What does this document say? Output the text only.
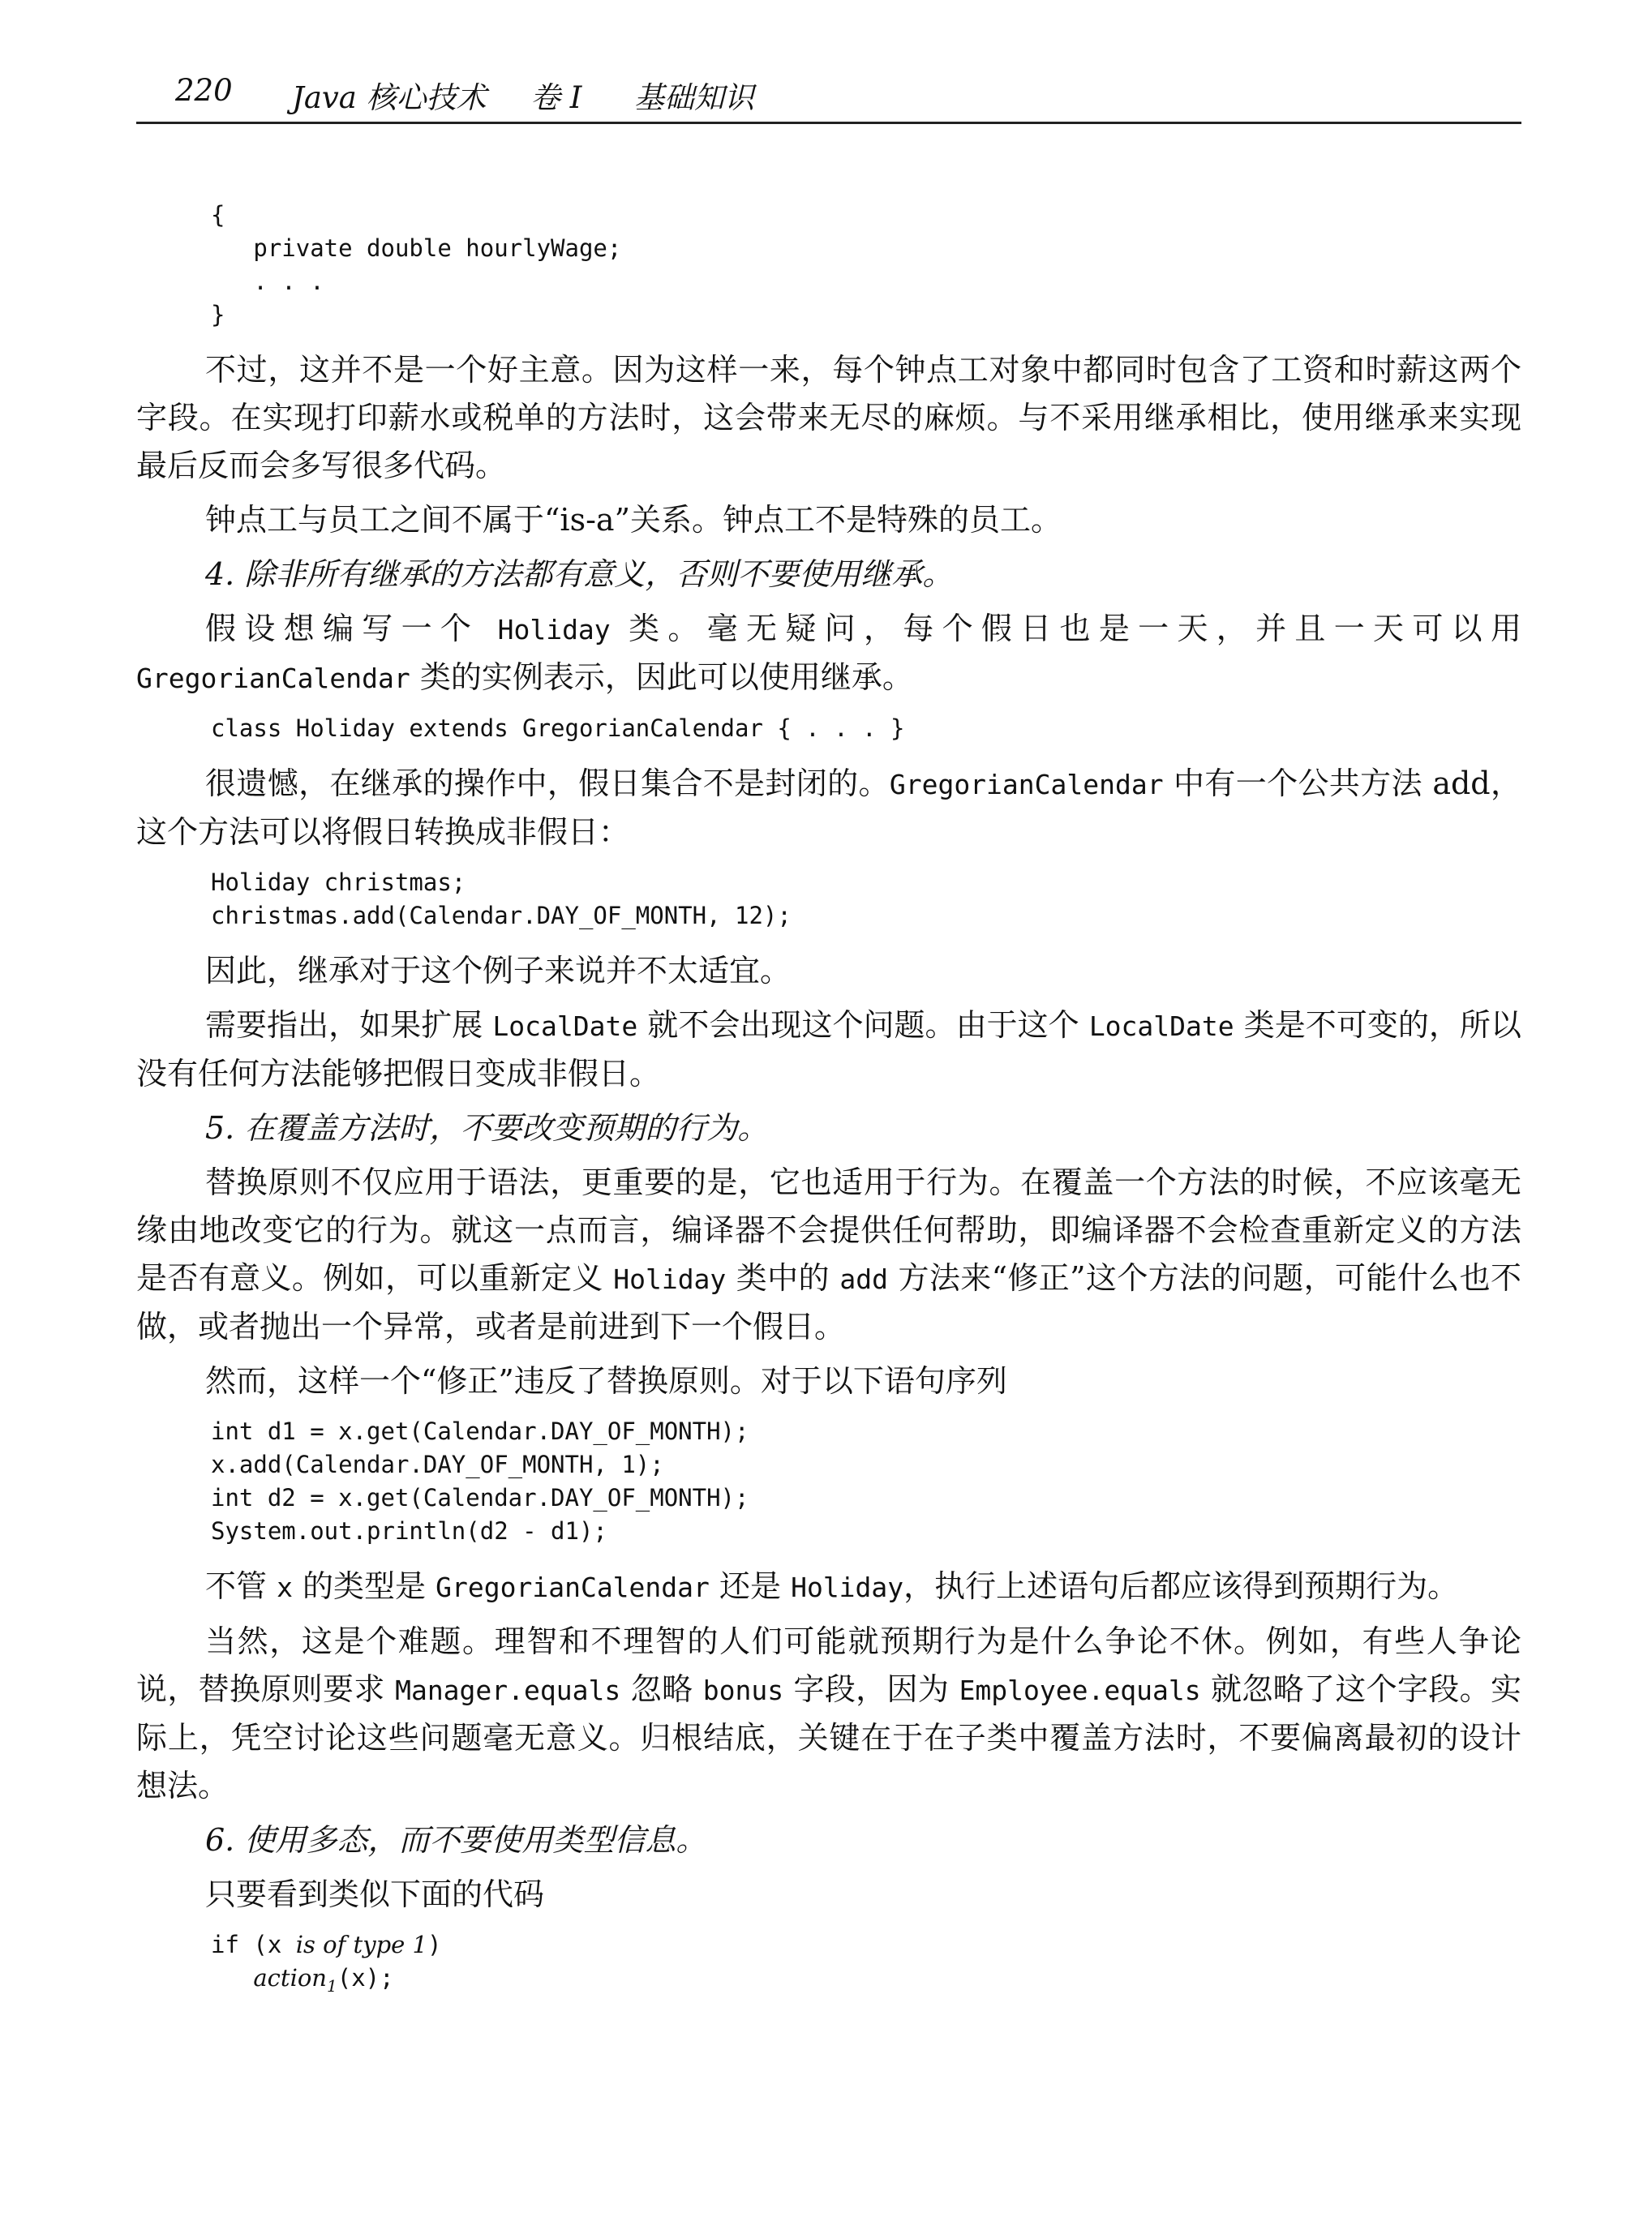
220 Java 核心技术 卷 I 基础知识
{
private double hourlyWage;
. . .
}

不过，这并不是一个好主意。因为这样一来，每个钟点工对象中都同时包含了工资和时薪这两个字段。在实现打印薪水或税单的方法时，这会带来无尽的麻烦。与不采用继承相比，使用继承来实现最后反而会多写很多代码。

钟点工与员工之间不属于“is-a”关系。钟点工不是特殊的员工。

4. 除非所有继承的方法都有意义，否则不要使用继承。

假设想编写一个 Holiday 类。毫无疑问，每个假日也是一天，并且一天可以用 GregorianCalendar 类的实例表示，因此可以使用继承。

class Holiday extends GregorianCalendar { . . . }

很遗憾，在继承的操作中，假日集合不是封闭的。GregorianCalendar 中有一个公共方法 add，这个方法可以将假日转换成非假日：

Holiday christmas;
christmas.add(Calendar.DAY_OF_MONTH, 12);

因此，继承对于这个例子来说并不太适宜。

需要指出，如果扩展 LocalDate 就不会出现这个问题。由于这个 LocalDate 类是不可变的，所以没有任何方法能够把假日变成非假日。

5. 在覆盖方法时，不要改变预期的行为。

替换原则不仅应用于语法，更重要的是，它也适用于行为。在覆盖一个方法的时候，不应该毫无缘由地改变它的行为。就这一点而言，编译器不会提供任何帮助，即编译器不会检查重新定义的方法是否有意义。例如，可以重新定义 Holiday 类中的 add 方法来“修正”这个方法的问题，可能什么也不做，或者抛出一个异常，或者是前进到下一个假日。

然而，这样一个“修正”违反了替换原则。对于以下语句序列

int d1 = x.get(Calendar.DAY_OF_MONTH);
x.add(Calendar.DAY_OF_MONTH, 1);
int d2 = x.get(Calendar.DAY_OF_MONTH);
System.out.println(d2 - d1);

不管 x 的类型是 GregorianCalendar 还是 Holiday，执行上述语句后都应该得到预期行为。

当然，这是个难题。理智和不理智的人们可能就预期行为是什么争论不休。例如，有些人争论说，替换原则要求 Manager.equals 忽略 bonus 字段，因为 Employee.equals 就忽略了这个字段。实际上，凭空讨论这些问题毫无意义。归根结底，关键在于在子类中覆盖方法时，不要偏离最初的设计想法。

6. 使用多态，而不要使用类型信息。

只要看到类似下面的代码

if (x is of type 1)
action$_1$(x);
